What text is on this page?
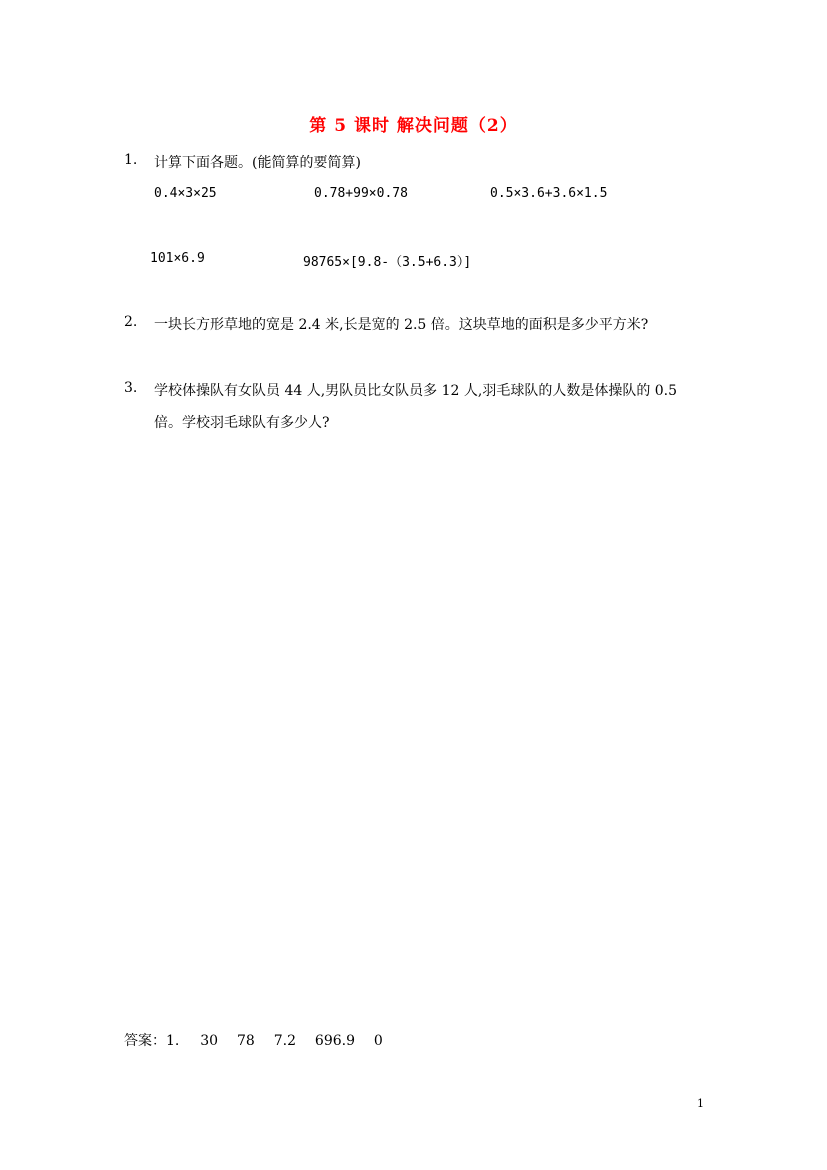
第 5 课时 解决问题（2）
1. 计算下面各题。(能简算的要简算)
0.4×3×25	0.78+99×0.78	0.5×3.6+3.6×1.5
101×6.9	98765×[9.8-（3.5+6.3）]
2. 一块长方形草地的宽是 2.4 米,长是宽的 2.5 倍。这块草地的面积是多少平方米?
3. 学校体操队有女队员 44 人,男队员比女队员多 12 人,羽毛球队的人数是体操队的 0.5
倍。学校羽毛球队有多少人?
答案：1. 30 78 7.2 696.9 0
1
